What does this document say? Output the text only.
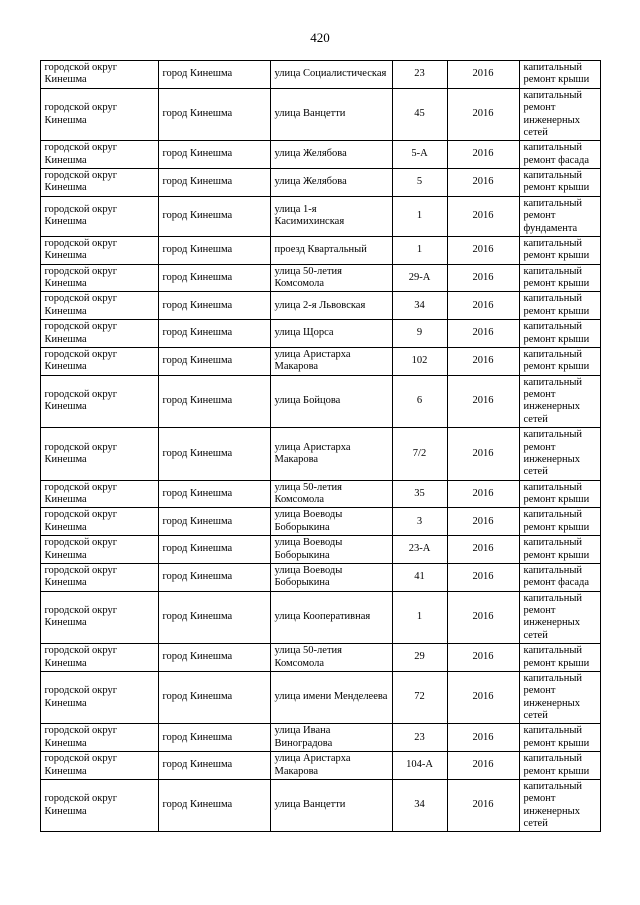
420
городской округ Кинешма	город Кинешма	улица Социалистическая	23	2016	капитальный ремонт крыши
городской округ Кинешма	город Кинешма	улица Ванцетти	45	2016	капитальный ремонт инженерных сетей
городской округ Кинешма	город Кинешма	улица Желябова	5-А	2016	капитальный ремонт фасада
городской округ Кинешма	город Кинешма	улица Желябова	5	2016	капитальный ремонт крыши
городской округ Кинешма	город Кинешма	улица 1-я Касимихинская	1	2016	капитальный ремонт фундамента
городской округ Кинешма	город Кинешма	проезд Квартальный	1	2016	капитальный ремонт крыши
городской округ Кинешма	город Кинешма	улица 50-летия Комсомола	29-А	2016	капитальный ремонт крыши
городской округ Кинешма	город Кинешма	улица 2-я Львовская	34	2016	капитальный ремонт крыши
городской округ Кинешма	город Кинешма	улица Щорса	9	2016	капитальный ремонт крыши
городской округ Кинешма	город Кинешма	улица Аристарха Макарова	102	2016	капитальный ремонт крыши
городской округ Кинешма	город Кинешма	улица Бойцова	6	2016	капитальный ремонт инженерных сетей
городской округ Кинешма	город Кинешма	улица Аристарха Макарова	7/2	2016	капитальный ремонт инженерных сетей
городской округ Кинешма	город Кинешма	улица 50-летия Комсомола	35	2016	капитальный ремонт крыши
городской округ Кинешма	город Кинешма	улица Воеводы Боборыкина	3	2016	капитальный ремонт крыши
городской округ Кинешма	город Кинешма	улица Воеводы Боборыкина	23-А	2016	капитальный ремонт крыши
городской округ Кинешма	город Кинешма	улица Воеводы Боборыкина	41	2016	капитальный ремонт фасада
городской округ Кинешма	город Кинешма	улица Кооперативная	1	2016	капитальный ремонт инженерных сетей
городской округ Кинешма	город Кинешма	улица 50-летия Комсомола	29	2016	капитальный ремонт крыши
городской округ Кинешма	город Кинешма	улица имени Менделеева	72	2016	капитальный ремонт инженерных сетей
городской округ Кинешма	город Кинешма	улица Ивана Виноградова	23	2016	капитальный ремонт крыши
городской округ Кинешма	город Кинешма	улица Аристарха Макарова	104-А	2016	капитальный ремонт крыши
городской округ Кинешма	город Кинешма	улица Ванцетти	34	2016	капитальный ремонт инженерных сетей
